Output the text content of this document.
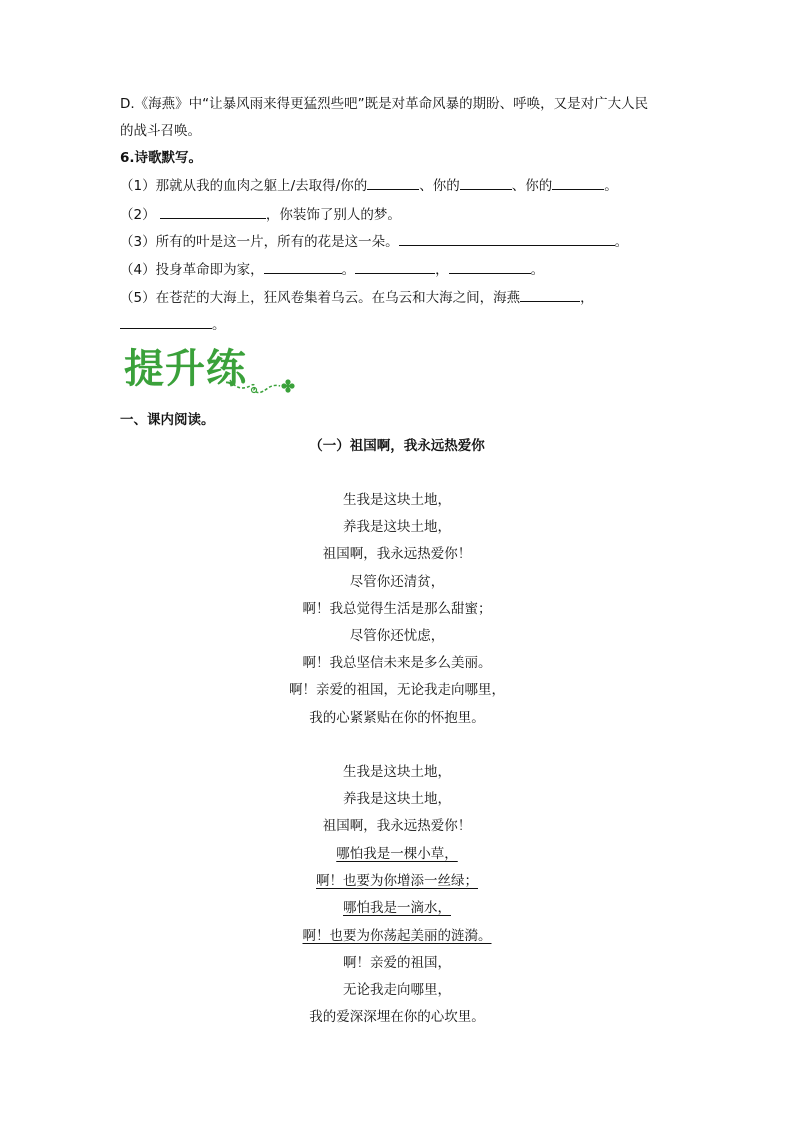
D.《海燕》中“让暴风雨来得更猛烈些吧”既是对革命风暴的期盼、呼唤，又是对广大人民
的战斗召唤。
6.诗歌默写。
（1）那就从我的血肉之躯上/去取得/你的	、你的	、你的	。
（2）	，你装饰了别人的梦。
（3）所有的叶是这一片，所有的花是这一朵。	。
（4）投身革命即为家，	。	，	。
（5）在苍茫的大海上，狂风卷集着乌云。在乌云和大海之间，海燕	，
。
提升练
一、课内阅读。
（一）祖国啊，我永远热爱你
生我是这块土地，
养我是这块土地，
祖国啊，我永远热爱你！
尽管你还清贫，
啊！我总觉得生活是那么甜蜜；
尽管你还忧虑，
啊！我总坚信未来是多么美丽。
啊！亲爱的祖国，无论我走向哪里，
我的心紧紧贴在你的怀抱里。
生我是这块土地，
养我是这块土地，
祖国啊，我永远热爱你！
哪怕我是一棵小草，
啊！也要为你增添一丝绿；
哪怕我是一滴水，
啊！也要为你荡起美丽的涟漪。
啊！亲爱的祖国，
无论我走向哪里，
我的爱深深埋在你的心坎里。
